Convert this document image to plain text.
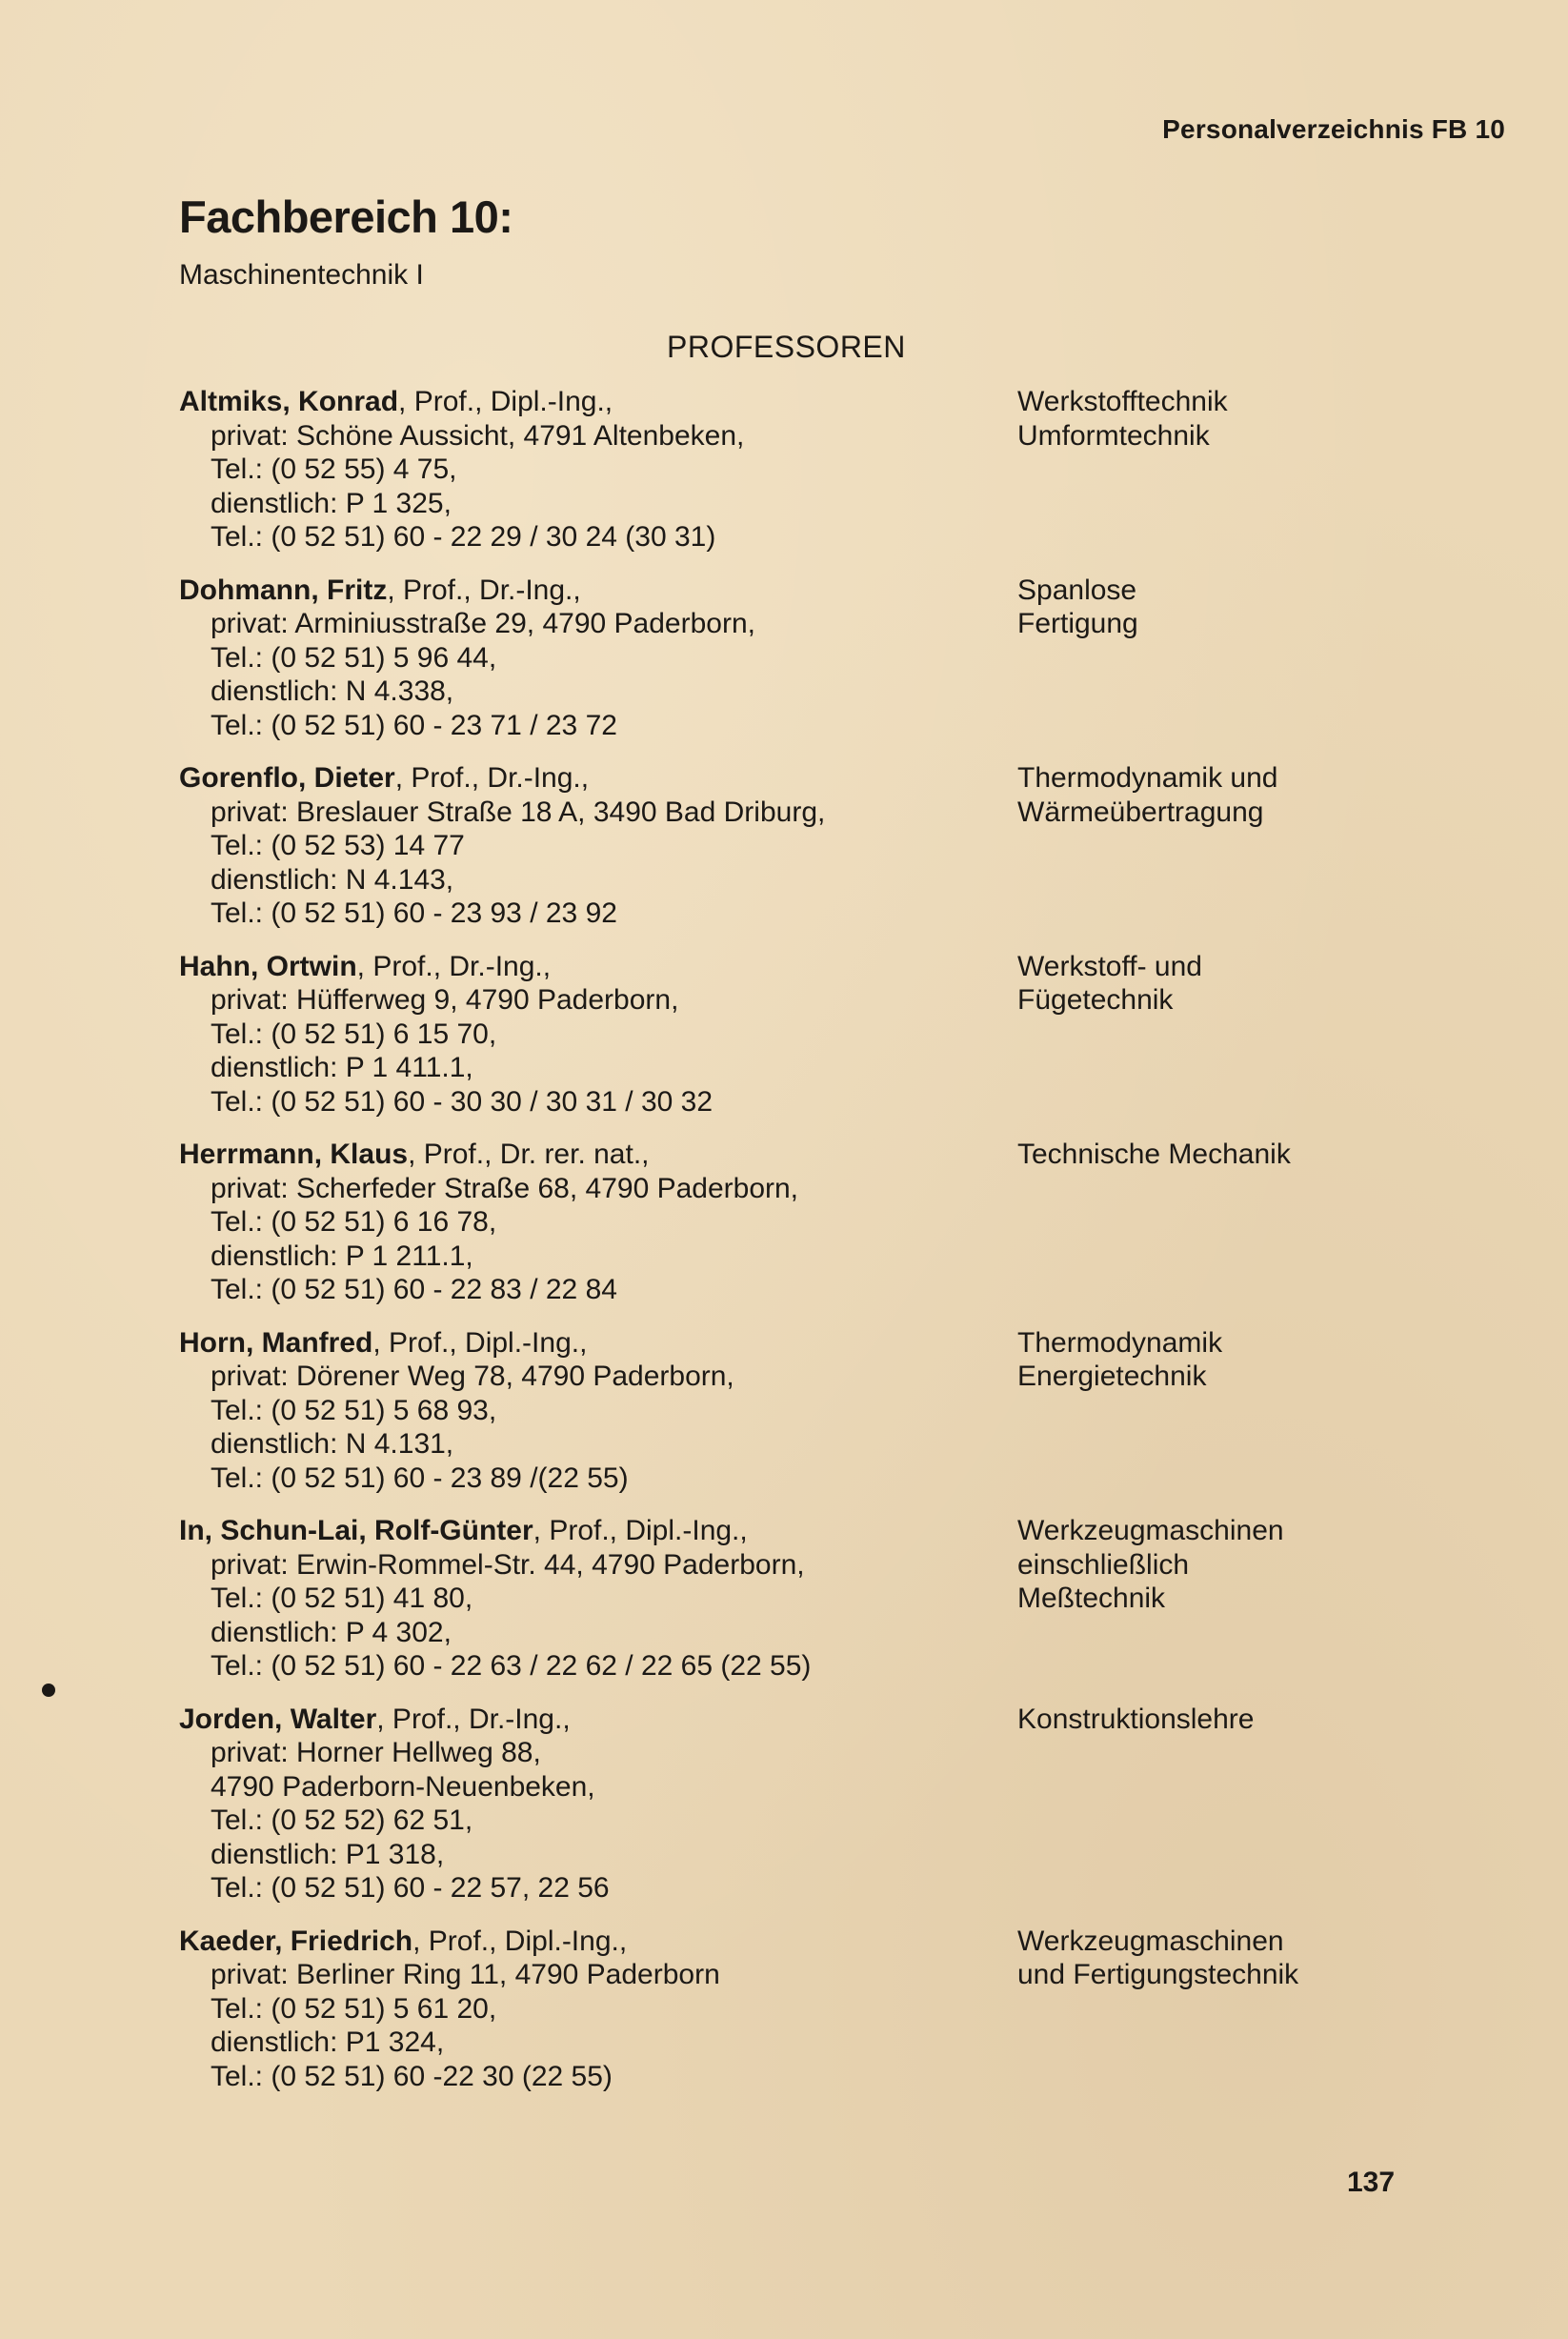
Personalverzeichnis FB 10
Fachbereich 10:
Maschinentechnik I
PROFESSOREN
Altmiks, Konrad, Prof., Dipl.-Ing.,
privat: Schöne Aussicht, 4791 Altenbeken,
Tel.: (0 52 55) 4 75,
dienstlich: P 1 325,
Tel.: (0 52 51) 60 - 22 29 / 30 24 (30 31)
Werkstofftechnik
Umformtechnik
Dohmann, Fritz, Prof., Dr.-Ing.,
privat: Arminiusstraße 29, 4790 Paderborn,
Tel.: (0 52 51) 5 96 44,
dienstlich: N 4.338,
Tel.: (0 52 51) 60 - 23 71 / 23 72
Spanlose
Fertigung
Gorenflo, Dieter, Prof., Dr.-Ing.,
privat: Breslauer Straße 18 A, 3490 Bad Driburg,
Tel.: (0 52 53) 14 77
dienstlich: N 4.143,
Tel.: (0 52 51) 60 - 23 93 / 23 92
Thermodynamik und
Wärmeübertragung
Hahn, Ortwin, Prof., Dr.-Ing.,
privat: Hüfferweg 9, 4790 Paderborn,
Tel.: (0 52 51) 6 15 70,
dienstlich: P 1 411.1,
Tel.: (0 52 51) 60 - 30 30 / 30 31 / 30 32
Werkstoff- und
Fügetechnik
Herrmann, Klaus, Prof., Dr. rer. nat.,
privat: Scherfeder Straße 68, 4790 Paderborn,
Tel.: (0 52 51) 6 16 78,
dienstlich: P 1 211.1,
Tel.: (0 52 51) 60 - 22 83 / 22 84
Technische Mechanik
Horn, Manfred, Prof., Dipl.-Ing.,
privat: Dörener Weg 78, 4790 Paderborn,
Tel.: (0 52 51) 5 68 93,
dienstlich: N 4.131,
Tel.: (0 52 51) 60 - 23 89 /(22 55)
Thermodynamik
Energietechnik
In, Schun-Lai, Rolf-Günter, Prof., Dipl.-Ing.,
privat: Erwin-Rommel-Str. 44, 4790 Paderborn,
Tel.: (0 52 51) 41 80,
dienstlich: P 4 302,
Tel.: (0 52 51) 60 - 22 63 / 22 62 / 22 65 (22 55)
Werkzeugmaschinen
einschließlich
Meßtechnik
Jorden, Walter, Prof., Dr.-Ing.,
privat: Horner Hellweg 88,
4790 Paderborn-Neuenbeken,
Tel.: (0 52 52) 62 51,
dienstlich: P1 318,
Tel.: (0 52 51) 60 - 22 57, 22 56
Konstruktionslehre
Kaeder, Friedrich, Prof., Dipl.-Ing.,
privat: Berliner Ring 11, 4790 Paderborn
Tel.: (0 52 51) 5 61 20,
dienstlich: P1 324,
Tel.: (0 52 51) 60 -22 30 (22 55)
Werkzeugmaschinen
und Fertigungstechnik
137
